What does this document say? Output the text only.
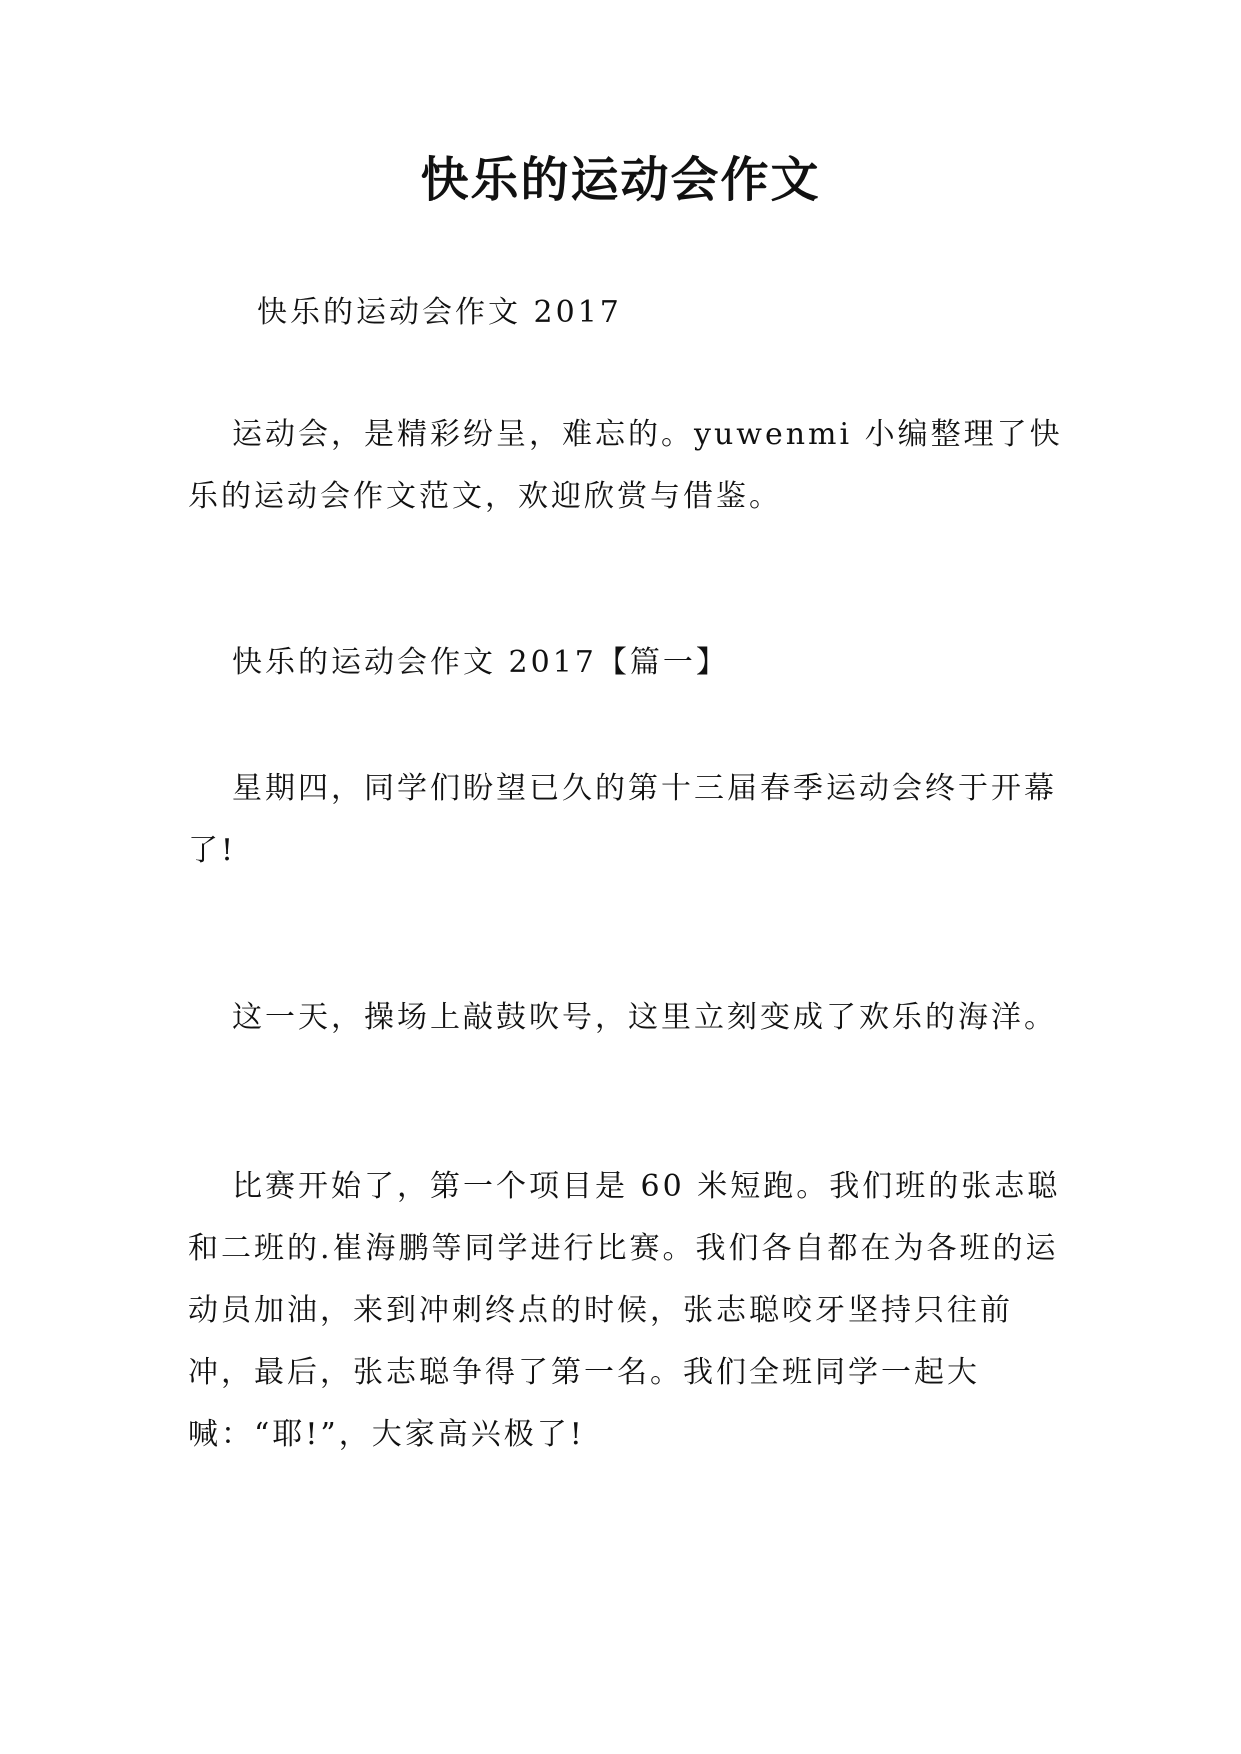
快乐的运动会作文
快乐的运动会作文 2017

运动会，是精彩纷呈，难忘的。yuwenmi 小编整理了快乐的运动会作文范文，欢迎欣赏与借鉴。

快乐的运动会作文 2017【篇一】

星期四，同学们盼望已久的第十三届春季运动会终于开幕了!

这一天，操场上敲鼓吹号，这里立刻变成了欢乐的海洋。

比赛开始了，第一个项目是 60 米短跑。我们班的张志聪和二班的.崔海鹏等同学进行比赛。我们各自都在为各班的运动员加油，来到冲刺终点的时候，张志聪咬牙坚持只往前冲，最后，张志聪争得了第一名。我们全班同学一起大喊：“耶!”，大家高兴极了!
